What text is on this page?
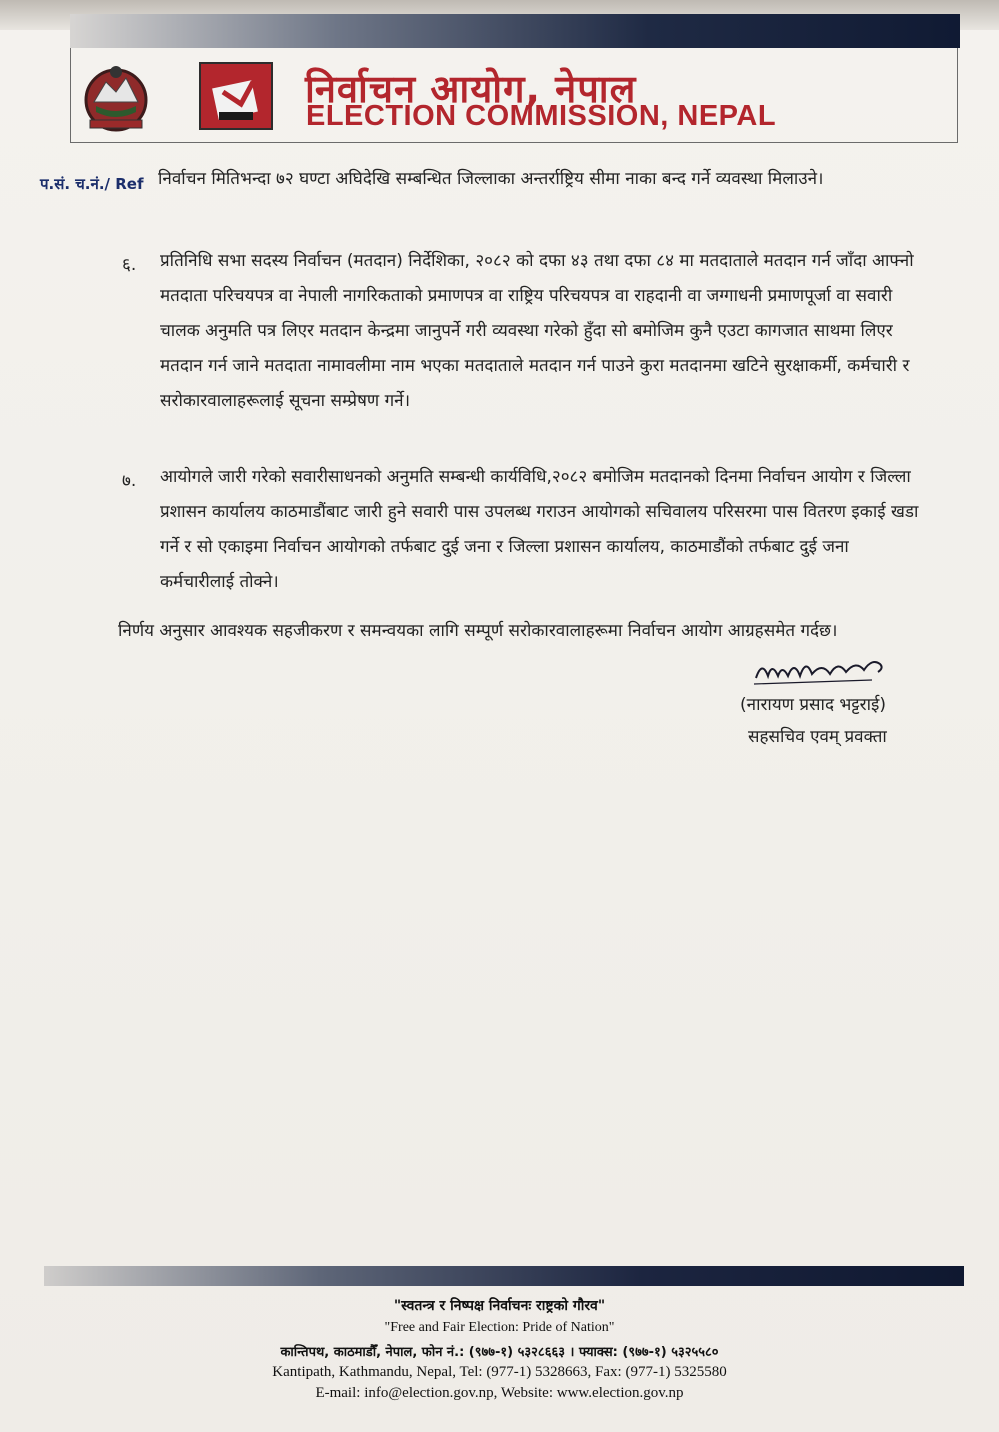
निर्वाचन आयोग, नेपाल
ELECTION COMMISSION, NEPAL
प.सं. च.नं./ Ref निर्वाचन मितिभन्दा ७२ घण्टा अघिदेखि सम्बन्धित जिल्लाका अन्तर्राष्ट्रिय सीमा नाका बन्द गर्ने व्यवस्था मिलाउने।
६. प्रतिनिधि सभा सदस्य निर्वाचन (मतदान) निर्देशिका, २०८२ को दफा ४३ तथा दफा ८४ मा मतदाताले मतदान गर्न जाँदा आफ्नो मतदाता परिचयपत्र वा नेपाली नागरिकताको प्रमाणपत्र वा राष्ट्रिय परिचयपत्र वा राहदानी वा जग्गाधनी प्रमाणपूर्जा वा सवारी चालक अनुमति पत्र लिएर मतदान केन्द्रमा जानुपर्ने गरी व्यवस्था गरेको हुँदा सो बमोजिम कुनै एउटा कागजात साथमा लिएर मतदान गर्न जाने मतदाता नामावलीमा नाम भएका मतदाताले मतदान गर्न पाउने कुरा मतदानमा खटिने सुरक्षाकर्मी, कर्मचारी र सरोकारवालाहरूलाई सूचना सम्प्रेषण गर्ने।
७. आयोगले जारी गरेको सवारीसाधनको अनुमति सम्बन्धी कार्यविधि,२०८२ बमोजिम मतदानको दिनमा निर्वाचन आयोग र जिल्ला प्रशासन कार्यालय काठमाडौंबाट जारी हुने सवारी पास उपलब्ध गराउन आयोगको सचिवालय परिसरमा पास वितरण इकाई खडा गर्ने र सो एकाइमा निर्वाचन आयोगको तर्फबाट दुई जना र जिल्ला प्रशासन कार्यालय, काठमाडौंको तर्फबाट दुई जना कर्मचारीलाई तोक्ने।
निर्णय अनुसार आवश्यक सहजीकरण र समन्वयका लागि सम्पूर्ण सरोकारवालाहरूमा निर्वाचन आयोग आग्रहसमेत गर्दछ।
(नारायण प्रसाद भट्टराई)
सहसचिव एवम् प्रवक्ता
"स्वतन्त्र र निष्पक्ष निर्वाचनः राष्ट्रको गौरव"
"Free and Fair Election: Pride of Nation"
कान्तिपथ, काठमाडौँ, नेपाल, फोन नं.: (९७७-१) ५३२८६६३ । फ्याक्स: (९७७-१) ५३२५५८०
Kantipath, Kathmandu, Nepal, Tel: (977-1) 5328663, Fax: (977-1) 5325580
E-mail: info@election.gov.np, Website: www.election.gov.np
